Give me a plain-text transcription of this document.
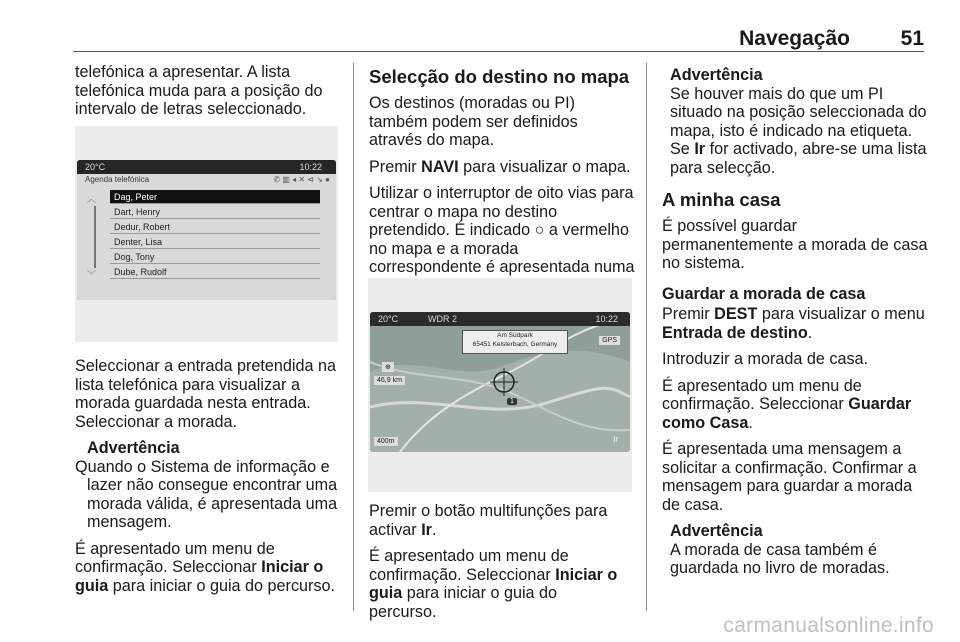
Navegação 51

telefónica a apresentar. A lista telefónica muda para a posição do intervalo de letras seleccionado.

20°C	10:22
Agenda telefónica	✆ ▥ ◂ ✕ ⊲ ↘ ●
︿
﹀
Dag, Peter
Dart, Henry
Dedur, Robert
Denter, Lisa
Dog, Tony
Dube, Rudolf

Seleccionar a entrada pretendida na lista telefónica para visualizar a morada guardada nesta entrada. Seleccionar a morada.

Advertência
Quando o Sistema de informação e lazer não consegue encontrar uma morada válida, é apresentada uma mensagem.

É apresentado um menu de confirmação. Seleccionar Iniciar o guia para iniciar o guia do percurso.

Selecção do destino no mapa

Os destinos (moradas ou PI) também podem ser definidos através do mapa.

Premir NAVI para visualizar o mapa.

Utilizar o interruptor de oito vias para centrar o mapa no destino pretendido. É indicado ○ a vermelho no mapa e a morada correspondente é apresentada numa

20°C	WDR 2	10:22
Am Südpark
65451 Kelsterbach, Germany
GPS
⊕
46,9 km
400m
1
Ir

Premir o botão multifunções para activar Ir.

É apresentado um menu de confirmação. Seleccionar Iniciar o guia para iniciar o guia do percurso.

Advertência
Se houver mais do que um PI situado na posição seleccionada do mapa, isto é indicado na etiqueta. Se Ir for activado, abre-se uma lista para selecção.
A minha casa

É possível guardar permanentemente a morada de casa no sistema.

Guardar a morada de casa

Premir DEST para visualizar o menu Entrada de destino.

Introduzir a morada de casa.

É apresentado um menu de confirmação. Seleccionar Guardar como Casa.

É apresentada uma mensagem a solicitar a confirmação. Confirmar a mensagem para guardar a morada de casa.

Advertência
A morada de casa também é guardada no livro de moradas.
carmanualsonline.info
